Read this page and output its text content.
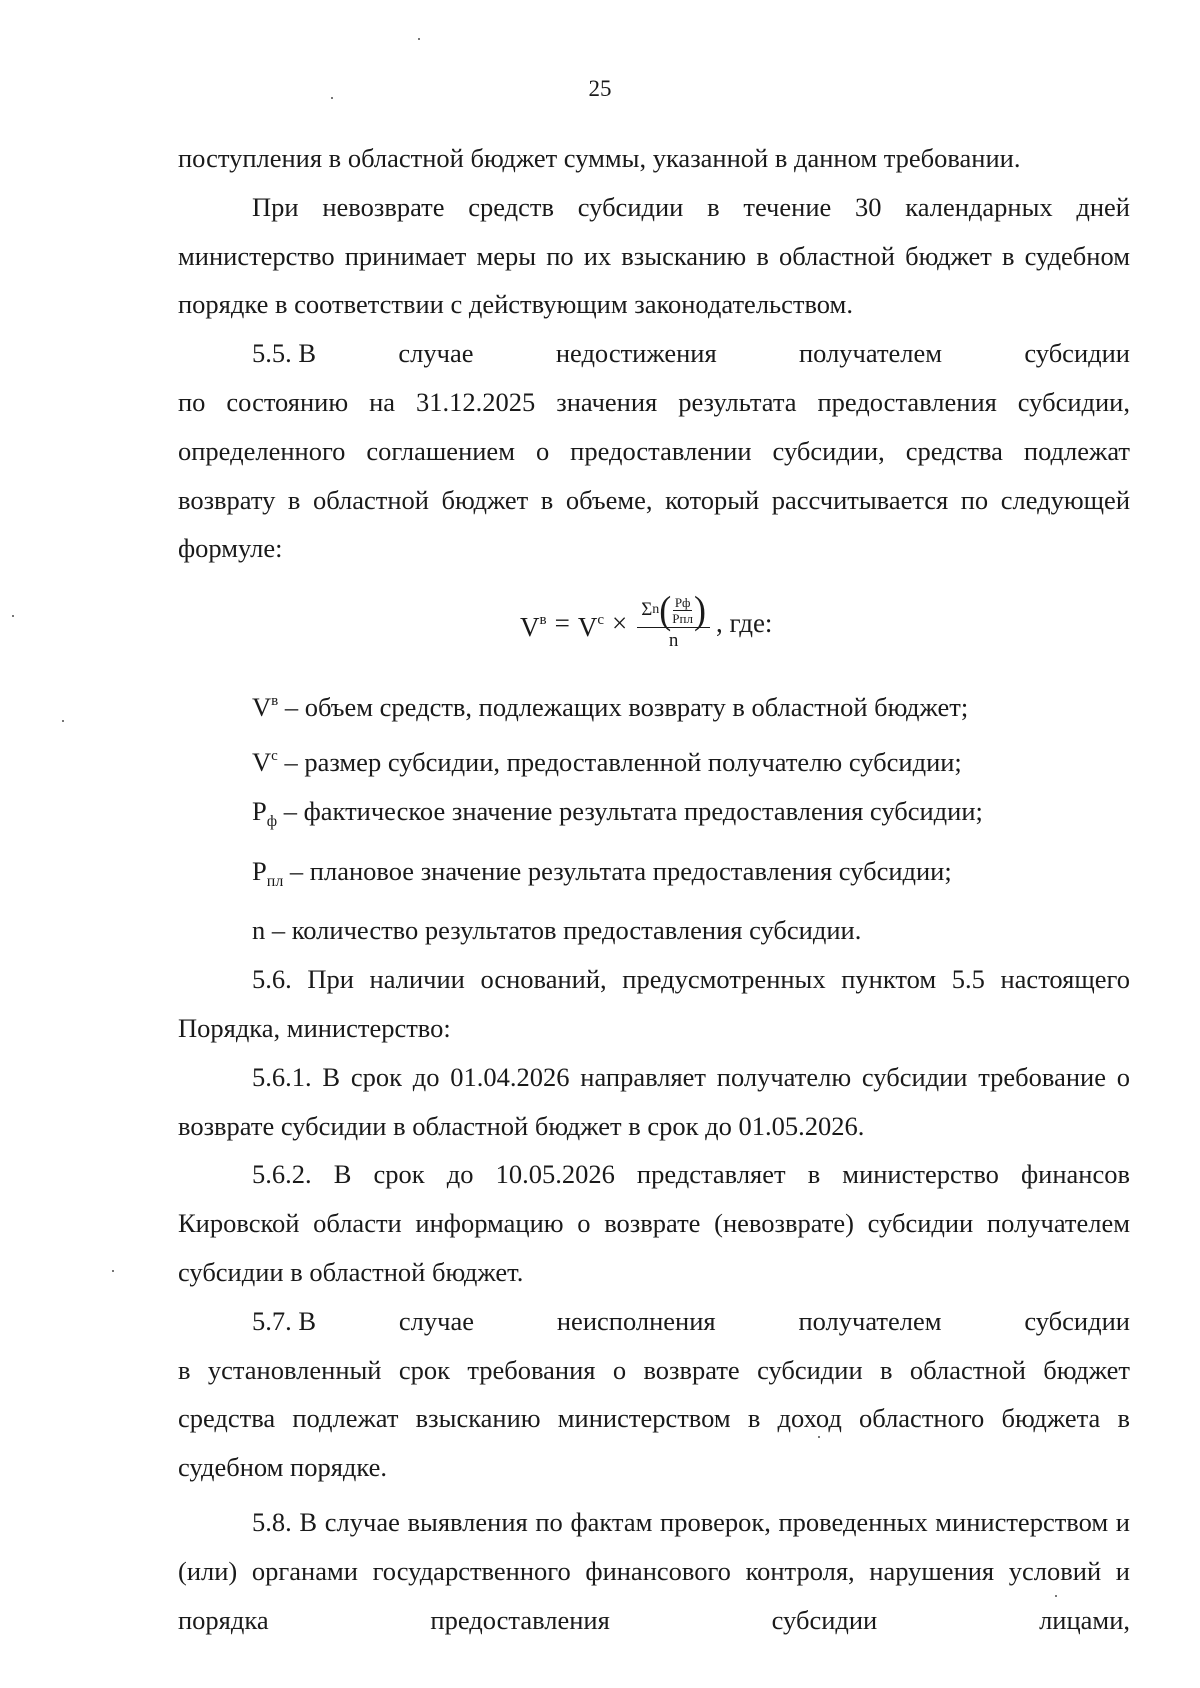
25

поступления в областной бюджет суммы, указанной в данном требовании.

При невозврате средств субсидии в течение 30 календарных дней министерство принимает меры по их взысканию в областной бюджет в судебном порядке в соответствии с действующим законодательством.

5.5. В	случае	недостижения	получателем	субсидии

по состоянию на 31.12.2025 значения результата предоставления субсидии, определенного соглашением о предоставлении субсидии, средства подлежат возврату в областной бюджет в объеме, который рассчитывается по следующей формуле:

$V^в = V^с \times \Sigma$ n ( $\frac{Pф}{\text{Pпл}}$ )
n
, где:

$V^в$ – объем средств, подлежащих возврату в областной бюджет;

$V^с$ – размер субсидии, предоставленной получателю субсидии;

$P_ф$ – фактическое значение результата предоставления субсидии;

$P_{пл}$ – плановое значение результата предоставления субсидии;

n – количество результатов предоставления субсидии.

5.6. При наличии оснований, предусмотренных пунктом 5.5 настоящего Порядка, министерство:

5.6.1. В срок до 01.04.2026 направляет получателю субсидии требование о возврате субсидии в областной бюджет в срок до 01.05.2026.

5.6.2. В срок до 10.05.2026 представляет в министерство финансов Кировской области информацию о возврате (невозврате) субсидии получателем субсидии в областной бюджет.

5.7. В	случае	неисполнения	получателем	субсидии

в установленный срок требования о возврате субсидии в областной бюджет средства подлежат взысканию министерством в доход областного бюджета в судебном порядке.

5.8. В случае выявления по фактам проверок, проведенных министерством и (или) органами государственного финансового контроля, нарушения условий и порядка предоставления субсидии лицами,
